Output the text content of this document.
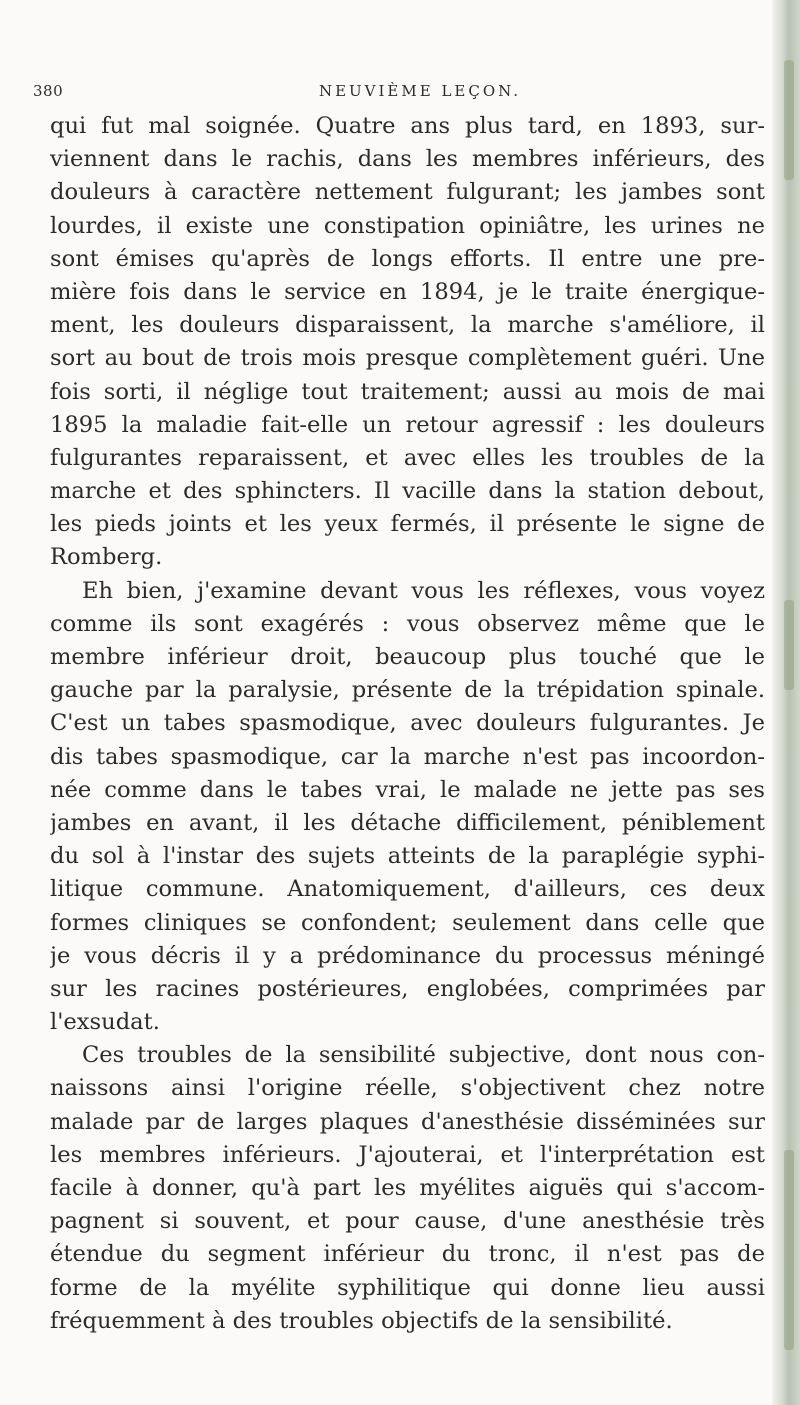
380	NEUVIÈME LEÇON.
qui fut mal soignée. Quatre ans plus tard, en 1893, sur-
viennent dans le rachis, dans les membres inférieurs, des
douleurs à caractère nettement fulgurant; les jambes sont
lourdes, il existe une constipation opiniâtre, les urines ne
sont émises qu'après de longs efforts. Il entre une pre-
mière fois dans le service en 1894, je le traite énergique-
ment, les douleurs disparaissent, la marche s'améliore, il
sort au bout de trois mois presque complètement guéri. Une
fois sorti, il néglige tout traitement; aussi au mois de mai
1895 la maladie fait-elle un retour agressif : les douleurs
fulgurantes reparaissent, et avec elles les troubles de la
marche et des sphincters. Il vacille dans la station debout,
les pieds joints et les yeux fermés, il présente le signe de
Romberg.
Eh bien, j'examine devant vous les réflexes, vous voyez
comme ils sont exagérés : vous observez même que le
membre inférieur droit, beaucoup plus touché que le
gauche par la paralysie, présente de la trépidation spinale.
C'est un tabes spasmodique, avec douleurs fulgurantes. Je
dis tabes spasmodique, car la marche n'est pas incoordon-
née comme dans le tabes vrai, le malade ne jette pas ses
jambes en avant, il les détache difficilement, péniblement
du sol à l'instar des sujets atteints de la paraplégie syphi-
litique commune. Anatomiquement, d'ailleurs, ces deux
formes cliniques se confondent; seulement dans celle que
je vous décris il y a prédominance du processus méningé
sur les racines postérieures, englobées, comprimées par
l'exsudat.
Ces troubles de la sensibilité subjective, dont nous con-
naissons ainsi l'origine réelle, s'objectivent chez notre
malade par de larges plaques d'anesthésie disséminées sur
les membres inférieurs. J'ajouterai, et l'interprétation est
facile à donner, qu'à part les myélites aiguës qui s'accom-
pagnent si souvent, et pour cause, d'une anesthésie très
étendue du segment inférieur du tronc, il n'est pas de
forme de la myélite syphilitique qui donne lieu aussi
fréquemment à des troubles objectifs de la sensibilité.
